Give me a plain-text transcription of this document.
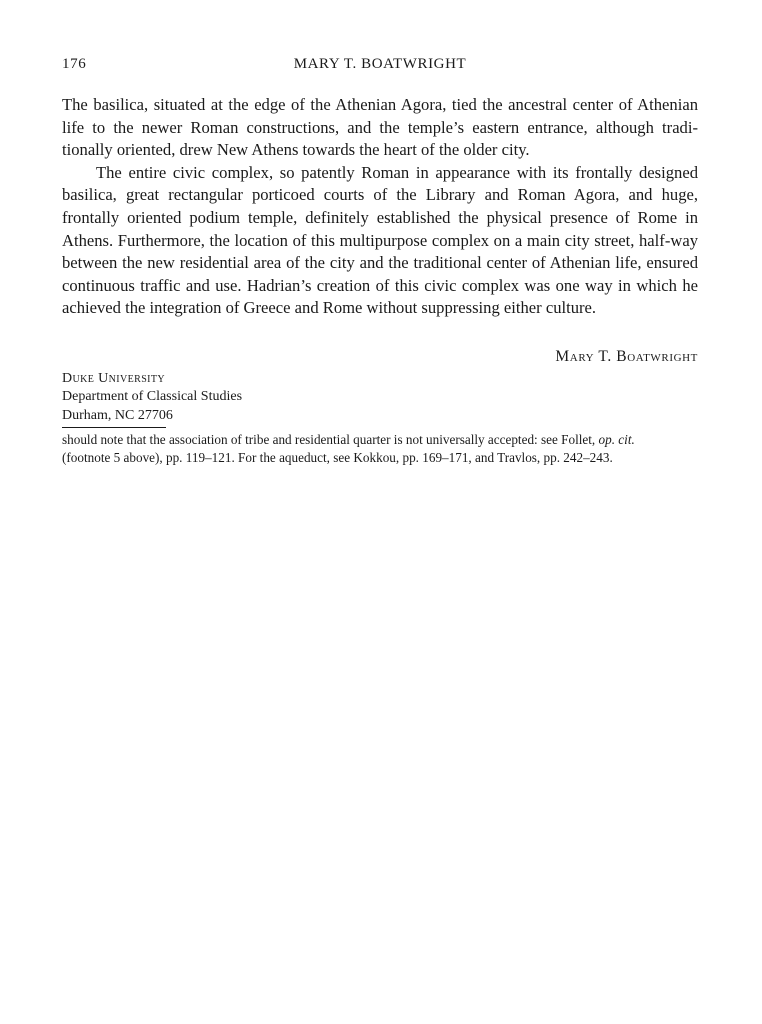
176	MARY T. BOATWRIGHT

The basilica, situated at the edge of the Athenian Agora, tied the ancestral center of Athenian life to the newer Roman constructions, and the temple’s eastern entrance, although tradi-tionally oriented, drew New Athens towards the heart of the older city.

The entire civic complex, so patently Roman in appearance with its frontally designed basilica, great rectangular porticoed courts of the Library and Roman Agora, and huge, frontally oriented podium temple, definitely established the physical presence of Rome in Athens. Furthermore, the location of this multipurpose complex on a main city street, half-way between the new residential area of the city and the traditional center of Athenian life, ensured continuous traffic and use. Hadrian’s creation of this civic complex was one way in which he achieved the integration of Greece and Rome without suppressing either culture.

Mary T. Boatwright
Duke University
Department of Classical Studies
Durham, NC 27706
should note that the association of tribe and residential quarter is not universally accepted: see Follet, op. cit.
(footnote 5 above), pp. 119–121. For the aqueduct, see Kokkou, pp. 169–171, and Travlos, pp. 242–243.
